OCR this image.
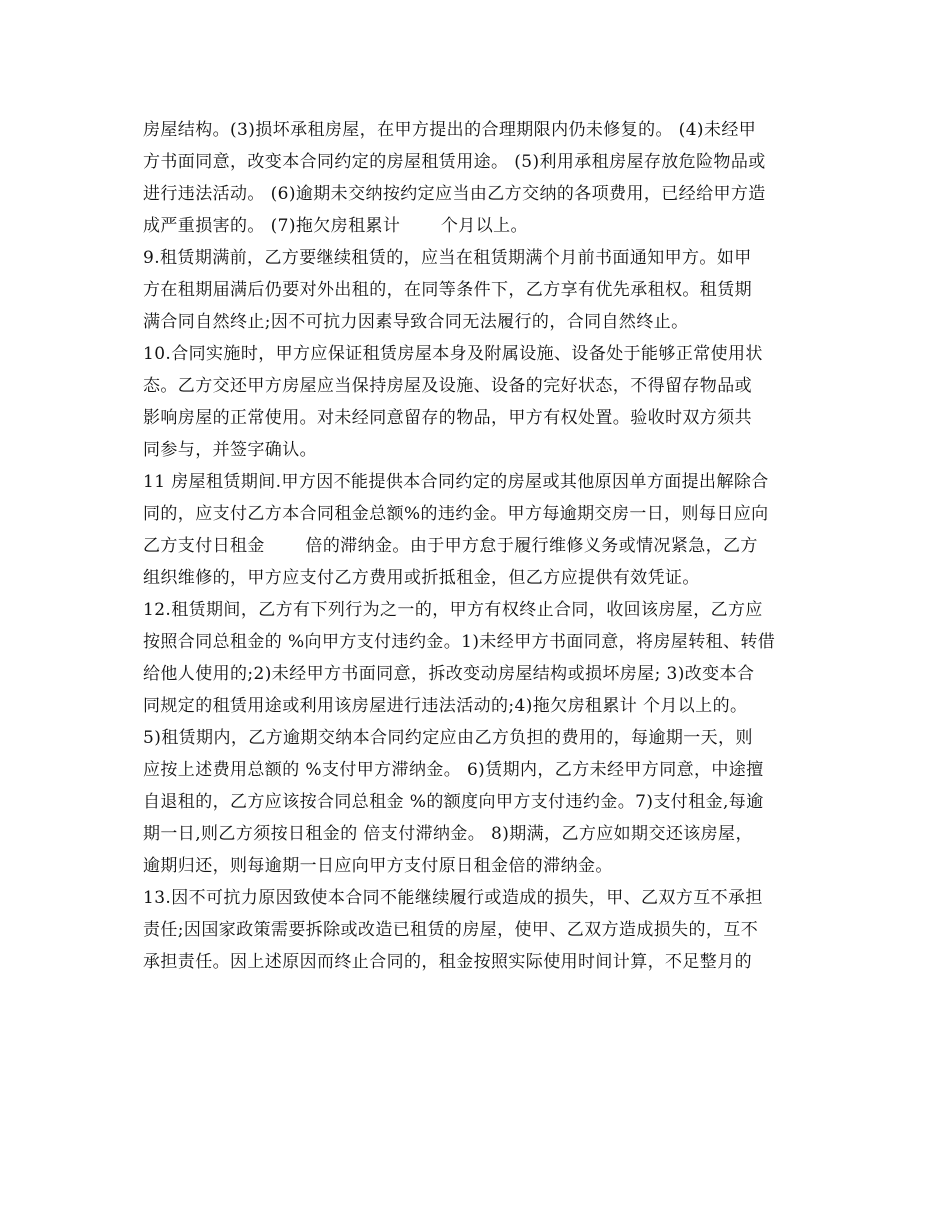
房屋结构。(3)损坏承租房屋，在甲方提出的合理期限内仍未修复的。 (4)未经甲
方书面同意，改变本合同约定的房屋租赁用途。 (5)利用承租房屋存放危险物品或
进行违法活动。 (6)逾期未交纳按约定应当由乙方交纳的各项费用，已经给甲方造
成严重损害的。 (7)拖欠房租累计       个月以上。
9.租赁期满前，乙方要继续租赁的，应当在租赁期满个月前书面通知甲方。如甲
方在租期届满后仍要对外出租的，在同等条件下，乙方享有优先承租权。租赁期
满合同自然终止;因不可抗力因素导致合同无法履行的，合同自然终止。
10.合同实施时，甲方应保证租赁房屋本身及附属设施、设备处于能够正常使用状
态。乙方交还甲方房屋应当保持房屋及设施、设备的完好状态，不得留存物品或
影响房屋的正常使用。对未经同意留存的物品，甲方有权处置。验收时双方须共
同参与，并签字确认。
11 房屋租赁期间.甲方因不能提供本合同约定的房屋或其他原因单方面提出解除合
同的，应支付乙方本合同租金总额%的违约金。甲方每逾期交房一日，则每日应向
乙方支付日租金       倍的滞纳金。由于甲方怠于履行维修义务或情况紧急，乙方
组织维修的，甲方应支付乙方费用或折抵租金，但乙方应提供有效凭证。
12.租赁期间，乙方有下列行为之一的，甲方有权终止合同，收回该房屋，乙方应
按照合同总租金的 %向甲方支付违约金。1)未经甲方书面同意，将房屋转租、转借
给他人使用的;2)未经甲方书面同意，拆改变动房屋结构或损坏房屋; 3)改变本合
同规定的租赁用途或利用该房屋进行违法活动的;4)拖欠房租累计 个月以上的。
5)租赁期内，乙方逾期交纳本合同约定应由乙方负担的费用的，每逾期一天，则
应按上述费用总额的 %支付甲方滞纳金。 6)赁期内，乙方未经甲方同意，中途擅
自退租的，乙方应该按合同总租金 %的额度向甲方支付违约金。7)支付租金,每逾
期一日,则乙方须按日租金的 倍支付滞纳金。 8)期满，乙方应如期交还该房屋，
逾期归还，则每逾期一日应向甲方支付原日租金倍的滞纳金。
13.因不可抗力原因致使本合同不能继续履行或造成的损失，甲、乙双方互不承担
责任;因国家政策需要拆除或改造已租赁的房屋，使甲、乙双方造成损失的，互不
承担责任。因上述原因而终止合同的，租金按照实际使用时间计算，不足整月的
